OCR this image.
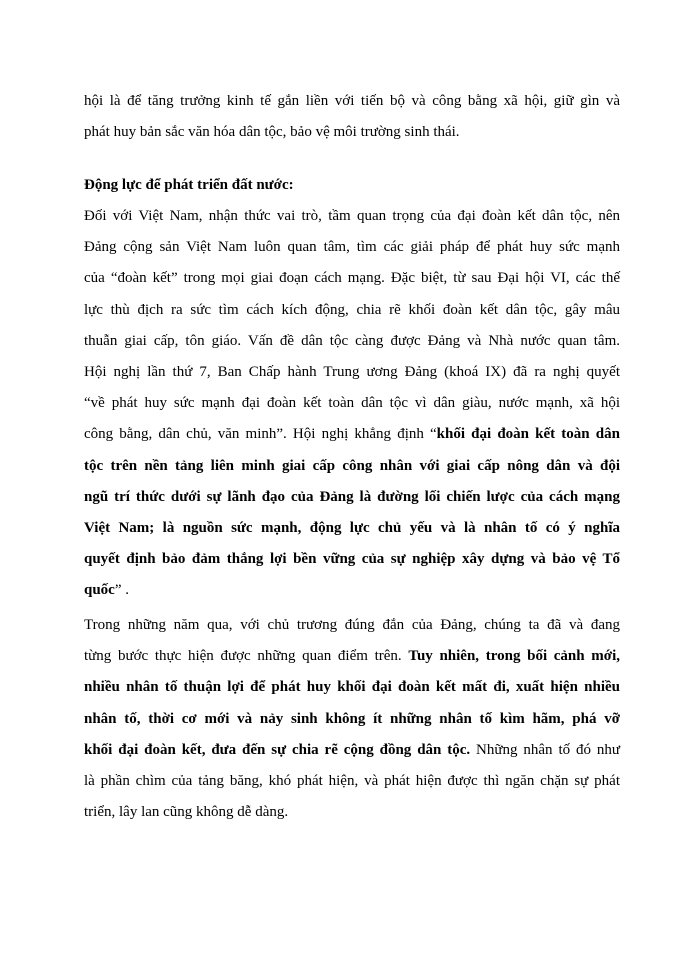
hội là để tăng trưởng kinh tế gắn liền với tiến bộ và công bằng xã hội, giữ gìn và
phát huy bản sắc văn hóa dân tộc, bảo vệ môi trường sinh thái.
Động lực để phát triển đất nước:
Đối với Việt Nam, nhận thức vai trò, tầm quan trọng của đại đoàn kết dân tộc, nên
Đảng cộng sản Việt Nam luôn quan tâm, tìm các giải pháp để phát huy sức mạnh
của “đoàn kết” trong mọi giai đoạn cách mạng. Đặc biệt, từ sau Đại hội VI, các thế
lực thù địch ra sức tìm cách kích động, chia rẽ khối đoàn kết dân tộc, gây mâu
thuẫn giai cấp, tôn giáo. Vấn đề dân tộc càng được Đảng và Nhà nước quan tâm.
Hội nghị lần thứ 7, Ban Chấp hành Trung ương Đảng (khoá IX) đã ra nghị quyết
“về phát huy sức mạnh đại đoàn kết toàn dân tộc vì dân giàu, nước mạnh, xã hội
công bằng, dân chủ, văn minh”. Hội nghị khẳng định “khối đại đoàn kết toàn dân
tộc trên nền tảng liên minh giai cấp công nhân với giai cấp nông dân và đội
ngũ trí thức dưới sự lãnh đạo của Đảng là đường lối chiến lược của cách mạng
Việt Nam; là nguồn sức mạnh, động lực chủ yếu và là nhân tố có ý nghĩa
quyết định bảo đảm thắng lợi bền vững của sự nghiệp xây dựng và bảo vệ Tổ
quốc” .
Trong những năm qua, với chủ trương đúng đắn của Đảng, chúng ta đã và đang
từng bước thực hiện được những quan điểm trên. Tuy nhiên, trong bối cảnh mới,
nhiều nhân tố thuận lợi để phát huy khối đại đoàn kết mất đi, xuất hiện nhiều
nhân tố, thời cơ mới và nảy sinh không ít những nhân tố kìm hãm, phá vỡ
khối đại đoàn kết, đưa đến sự chia rẽ cộng đồng dân tộc. Những nhân tố đó như
là phần chìm của tảng băng, khó phát hiện, và phát hiện được thì ngăn chặn sự phát
triển, lây lan cũng không dễ dàng.
